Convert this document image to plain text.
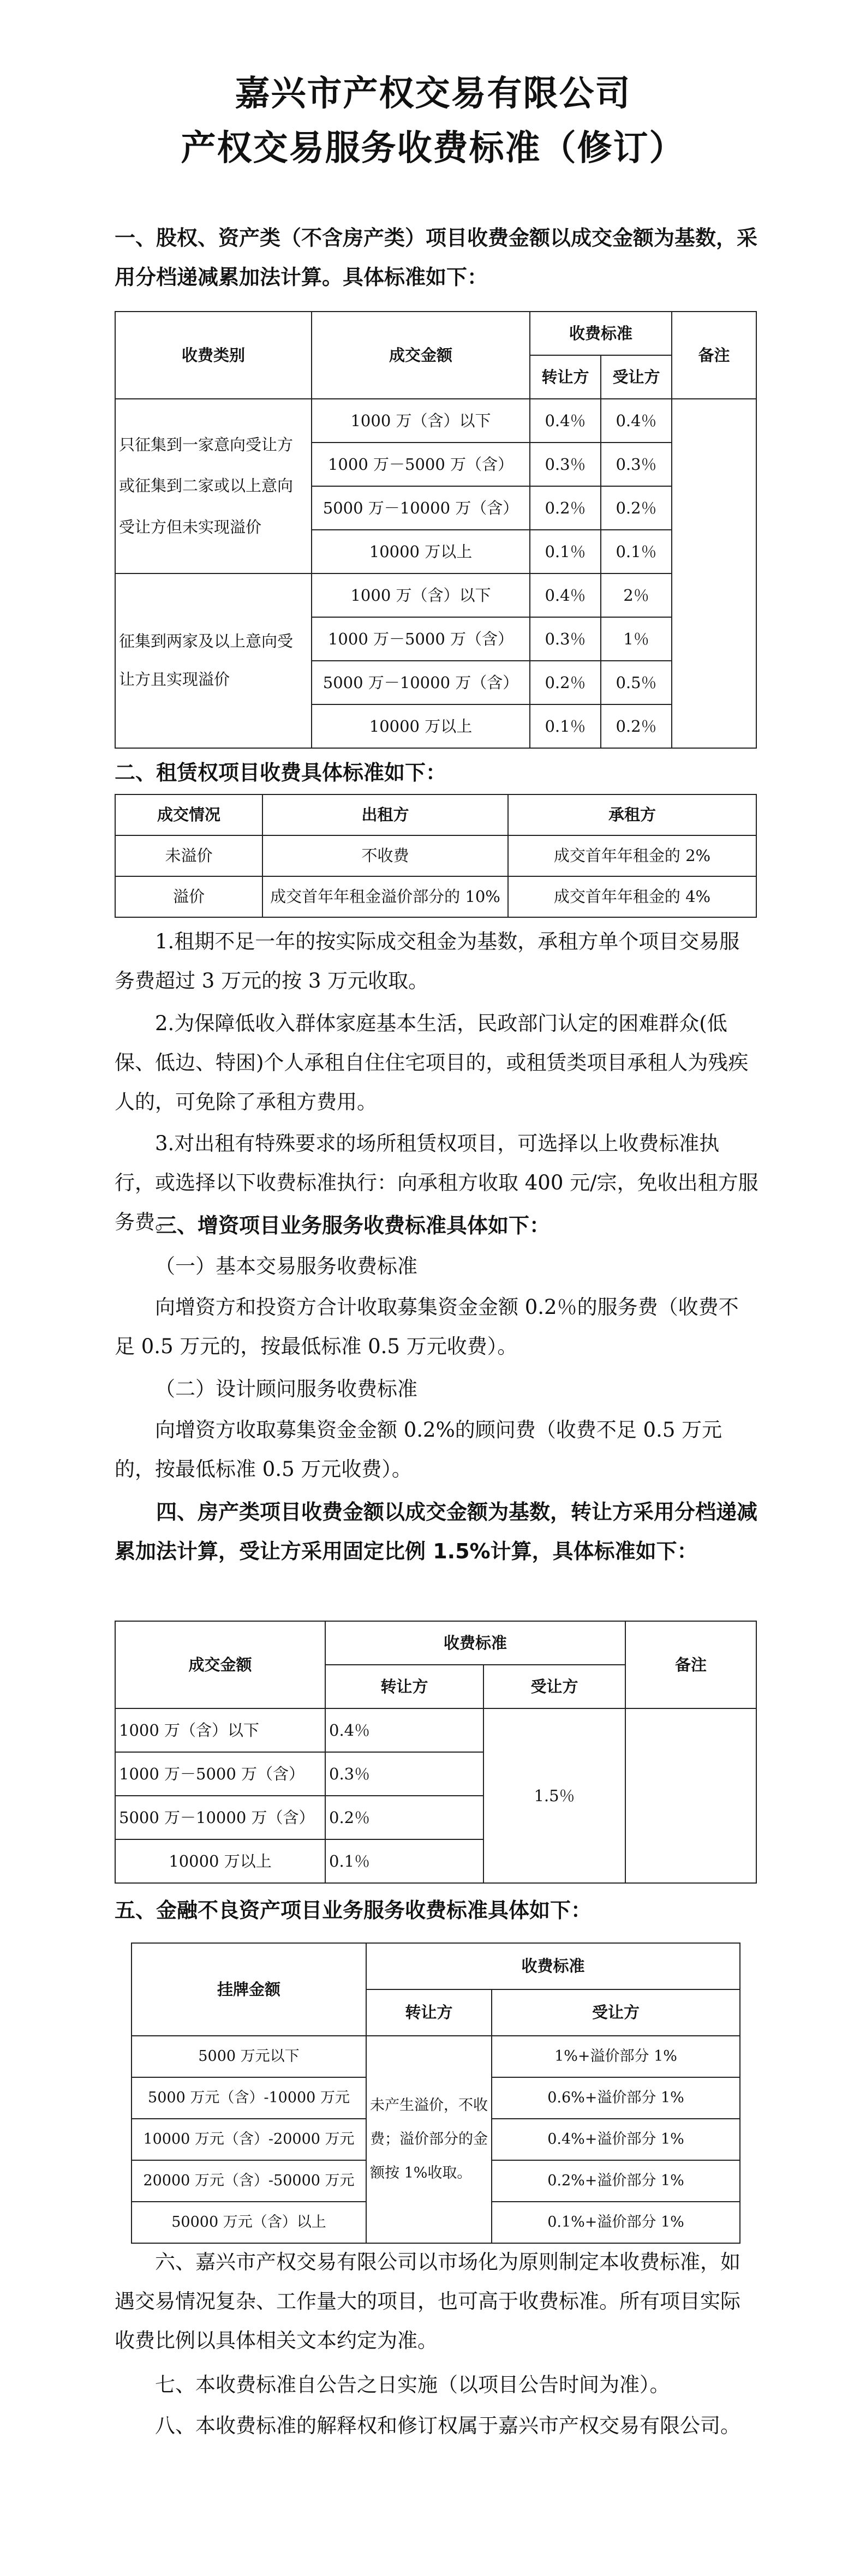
嘉兴市产权交易有限公司
产权交易服务收费标准（修订）
一、股权、资产类（不含房产类）项目收费金额以成交金额为基数，采用分档递减累加法计算。具体标准如下：
收费类别	成交金额	收费标准		备注
		转让方	受让方	
只征集到一家意向受让方或征集到二家或以上意向受让方但未实现溢价	1000 万（含）以下	0.4％	0.4％	
	1000 万－5000 万（含）	0.3％	0.3％	
	5000 万－10000 万（含）	0.2％	0.2％	
	10000 万以上	0.1％	0.1％	
征集到两家及以上意向受让方且实现溢价	1000 万（含）以下	0.4％	2％	
	1000 万－5000 万（含）	0.3％	1％	
	5000 万－10000 万（含）	0.2％	0.5％	
	10000 万以上	0.1％	0.2％	
二、租赁权项目收费具体标准如下：
成交情况	出租方	承租方
未溢价	不收费	成交首年年租金的 2%
溢价	成交首年年租金溢价部分的 10%	成交首年年租金的 4%
1.租期不足一年的按实际成交租金为基数，承租方单个项目交易服务费超过 3 万元的按 3 万元收取。
2.为保障低收入群体家庭基本生活，民政部门认定的困难群众(低保、低边、特困)个人承租自住住宅项目的，或租赁类项目承租人为残疾人的，可免除了承租方费用。
3.对出租有特殊要求的场所租赁权项目，可选择以上收费标准执行，或选择以下收费标准执行：向承租方收取 400 元/宗，免收出租方服务费。
三、增资项目业务服务收费标准具体如下：
（一）基本交易服务收费标准
向增资方和投资方合计收取募集资金金额 0.2％的服务费（收费不足 0.5 万元的，按最低标准 0.5 万元收费）。
（二）设计顾问服务收费标准
向增资方收取募集资金金额 0.2%的顾问费（收费不足 0.5 万元的，按最低标准 0.5 万元收费）。
四、房产类项目收费金额以成交金额为基数，转让方采用分档递减累加法计算，受让方采用固定比例 1.5%计算，具体标准如下：
成交金额	收费标准		备注
	转让方	受让方	
1000 万（含）以下	0.4％	1.5％	
1000 万－5000 万（含）	0.3％		
5000 万－10000 万（含）	0.2％		
10000 万以上	0.1％		
五、金融不良资产项目业务服务收费标准具体如下：
挂牌金额	收费标准	
	转让方	受让方
5000 万元以下	未产生溢价，不收费；溢价部分的金额按 1%收取。	1%+溢价部分 1%
5000 万元（含）-10000 万元		0.6%+溢价部分 1%
10000 万元（含）-20000 万元		0.4%+溢价部分 1%
20000 万元（含）-50000 万元		0.2%+溢价部分 1%
50000 万元（含）以上		0.1%+溢价部分 1%
六、嘉兴市产权交易有限公司以市场化为原则制定本收费标准，如遇交易情况复杂、工作量大的项目，也可高于收费标准。所有项目实际收费比例以具体相关文本约定为准。
七、本收费标准自公告之日实施（以项目公告时间为准）。
八、本收费标准的解释权和修订权属于嘉兴市产权交易有限公司。
